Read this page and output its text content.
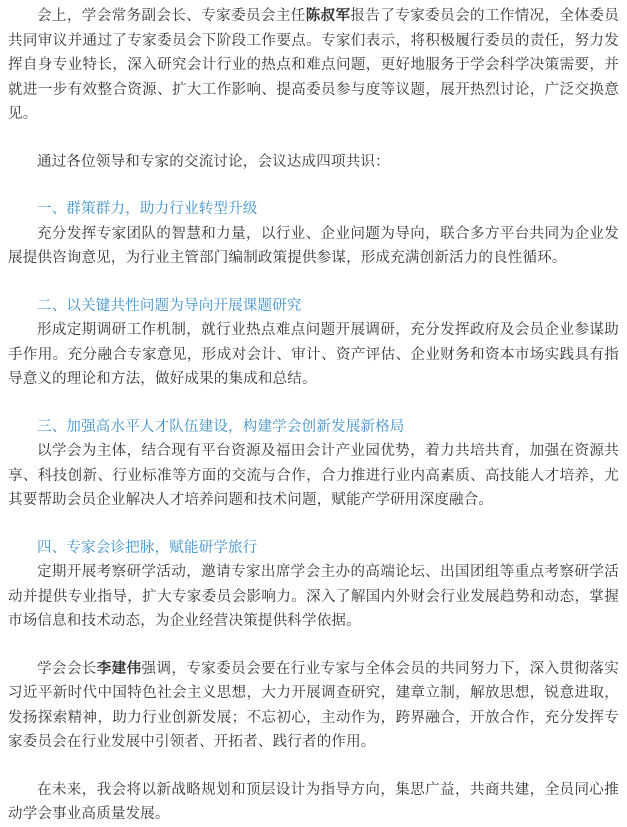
会上，学会常务副会长、专家委员会主任陈叔军报告了专家委员会的工作情况，全体委员共同审议并通过了专家委员会下阶段工作要点。专家们表示，将积极履行委员的责任，努力发挥自身专业特长，深入研究会计行业的热点和难点问题，更好地服务于学会科学决策需要，并就进一步有效整合资源、扩大工作影响、提高委员参与度等议题，展开热烈讨论，广泛交换意见。

通过各位领导和专家的交流讨论，会议达成四项共识：

一、群策群力，助力行业转型升级

充分发挥专家团队的智慧和力量，以行业、企业问题为导向，联合多方平台共同为企业发展提供咨询意见，为行业主管部门编制政策提供参谋，形成充满创新活力的良性循环。

二、以关键共性问题为导向开展课题研究

形成定期调研工作机制，就行业热点难点问题开展调研，充分发挥政府及会员企业参谋助手作用。充分融合专家意见，形成对会计、审计、资产评估、企业财务和资本市场实践具有指导意义的理论和方法，做好成果的集成和总结。

三、加强高水平人才队伍建设，构建学会创新发展新格局

以学会为主体，结合现有平台资源及福田会计产业园优势，着力共培共育，加强在资源共享、科技创新、行业标准等方面的交流与合作，合力推进行业内高素质、高技能人才培养，尤其要帮助会员企业解决人才培养问题和技术问题，赋能产学研用深度融合。

四、专家会诊把脉，赋能研学旅行

定期开展考察研学活动，邀请专家出席学会主办的高端论坛、出国团组等重点考察研学活动并提供专业指导，扩大专家委员会影响力。深入了解国内外财会行业发展趋势和动态，掌握市场信息和技术动态，为企业经营决策提供科学依据。

学会会长李建伟强调，专家委员会要在行业专家与全体会员的共同努力下，深入贯彻落实习近平新时代中国特色社会主义思想，大力开展调查研究，建章立制，解放思想，锐意进取，发扬探索精神，助力行业创新发展；不忘初心，主动作为，跨界融合，开放合作，充分发挥专家委员会在行业发展中引领者、开拓者、践行者的作用。

在未来，我会将以新战略规划和顶层设计为指导方向，集思广益，共商共建，全员同心推动学会事业高质量发展。
